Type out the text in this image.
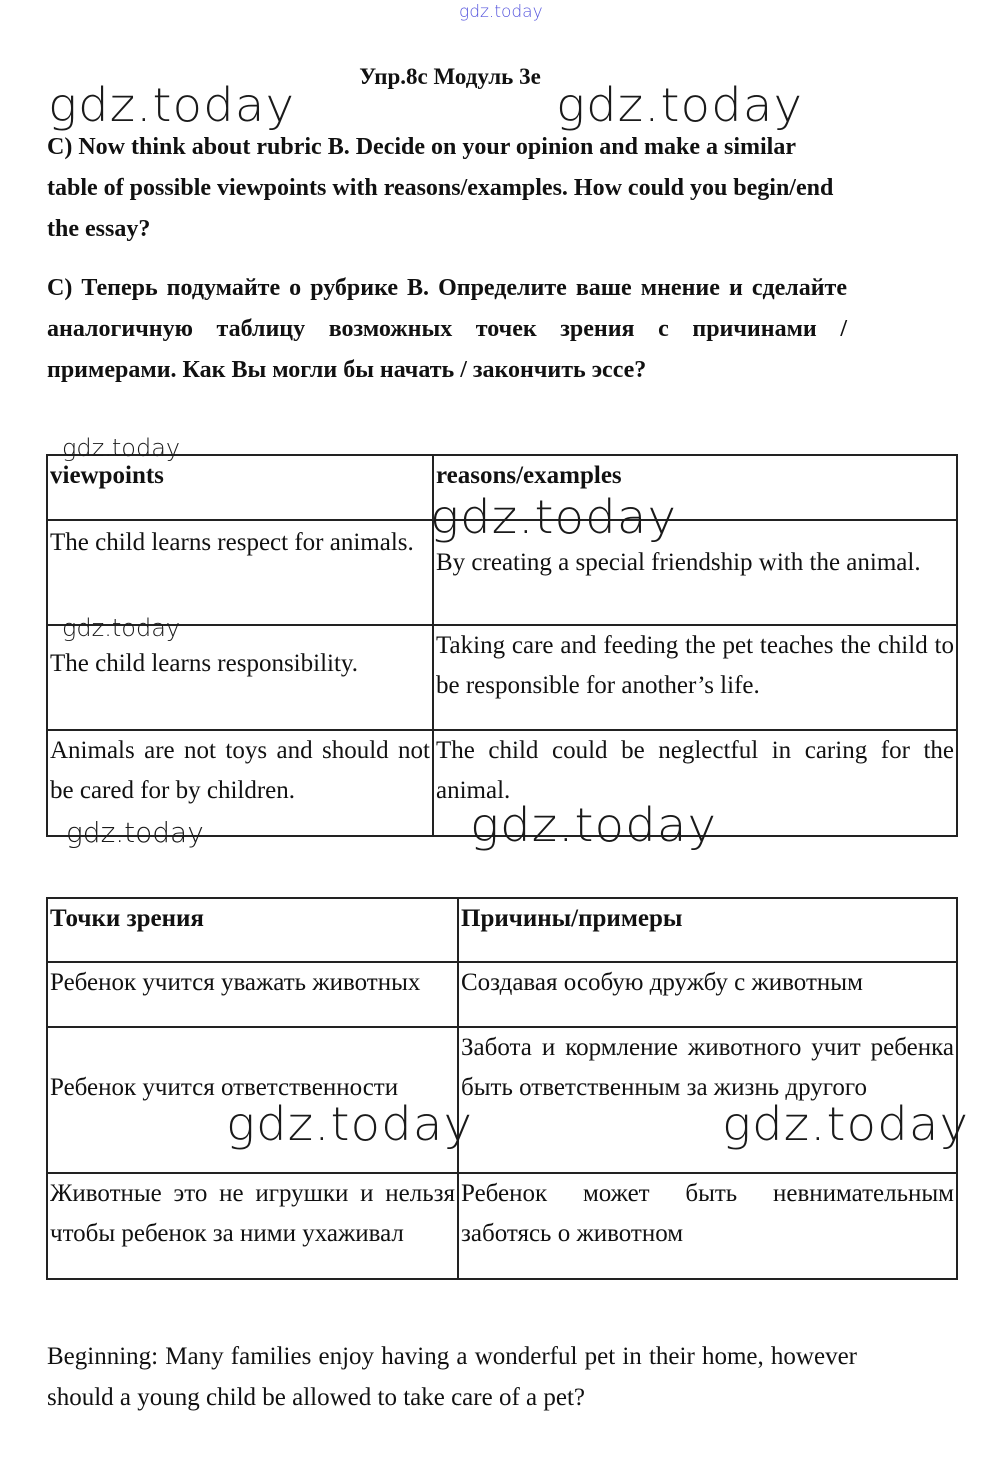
gdz.today
gdz.today	gdz.today
Упр.8с Модуль 3е
C) Now think about rubric B. Decide on your opinion and make a similar table of possible viewpoints with reasons/examples. How could you begin/end the essay?
С) Теперь подумайте о рубрике В. Определите ваше мнение и сделайте аналогичную таблицу возможных точек зрения с причинами / примерами. Как Вы могли бы начать / закончить эссе?
viewpoints	reasons/examples
The child learns respect for animals.	By creating a special friendship with the animal.
The child learns responsibility.	Taking care and feeding the pet teaches the child to be responsible for another’s life.
Animals are not toys and should not be cared for by children.	The child could be neglectful in caring for the animal.
gdz.today
gdz.today
gdz.today
gdz.today	gdz.today
Точки зрения	Причины/примеры
Ребенок учится уважать животных	Создавая особую дружбу с животным
Ребенок учится ответственности	Забота и кормление животного учит ребенка быть ответственным за жизнь другого
Животные это не игрушки и нельзя чтобы ребенок за ними ухаживал	Ребенок может быть невнимательным заботясь о животном
gdz.today	gdz.today
Beginning: Many families enjoy having a wonderful pet in their home, however should a young child be allowed to take care of a pet?
